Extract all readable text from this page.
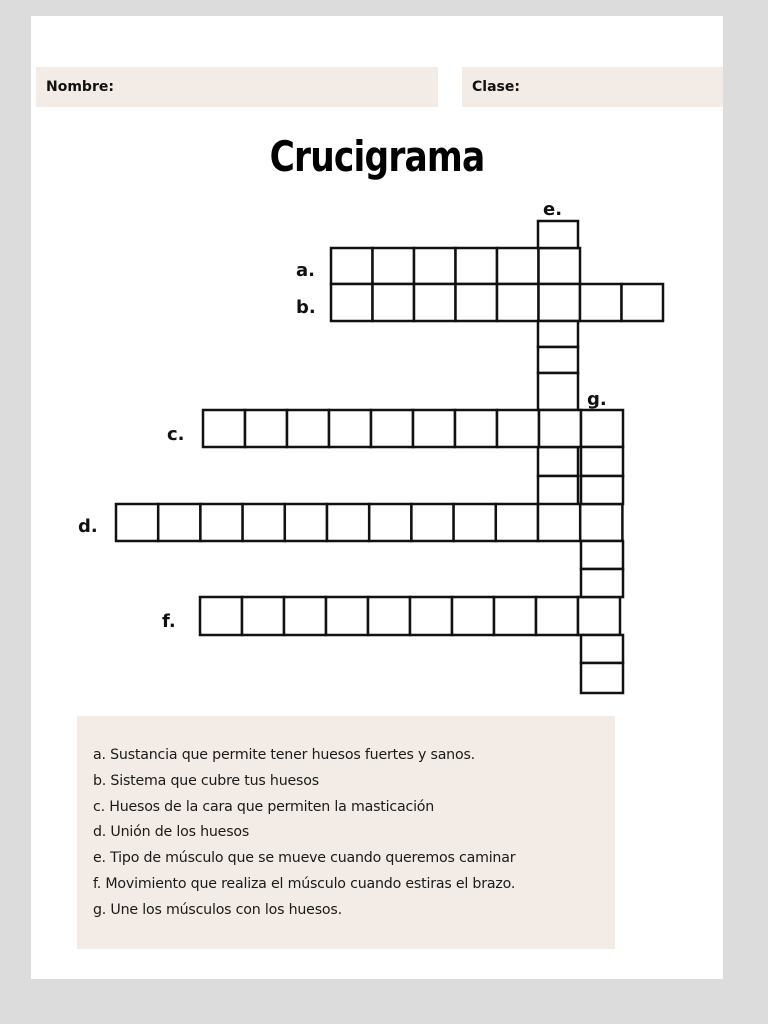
Nombre:	Clase:
Crucigrama
a. Sustancia que permite tener huesos fuertes y sanos.
b. Sistema que cubre tus huesos
c. Huesos de la cara que permiten la masticación
d. Unión de los huesos
e. Tipo de músculo que se mueve cuando queremos caminar
f. Movimiento que realiza el músculo cuando estiras el brazo.
g. Une los músculos con los huesos.
a.
b.
c.
d.
e.
f.
g.
